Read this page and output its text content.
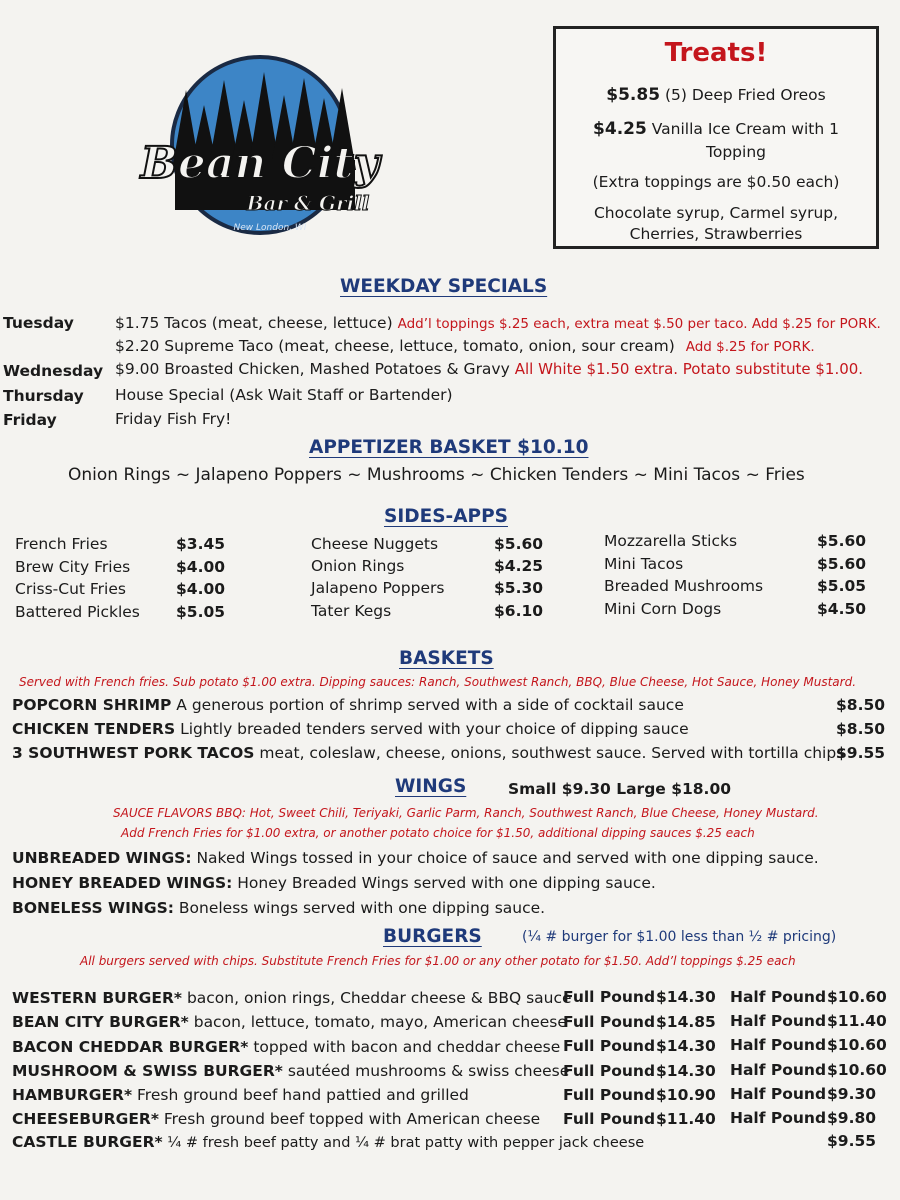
Bean City
Bar & Grill
New London, WI
Treats!
$5.85 (5) Deep Fried Oreos
$4.25 Vanilla Ice Cream with 1
Topping
(Extra toppings are $0.50 each)
Chocolate syrup, Carmel syrup,
Cherries, Strawberries
WEEKDAY SPECIALS
Tuesday	$1.75 Tacos (meat, cheese, lettuce) Add’l toppings $.25 each, extra meat $.50 per taco. Add $.25 for PORK.
$2.20 Supreme Taco (meat, cheese, lettuce, tomato, onion, sour cream) Add $.25 for PORK.
Wednesday $9.00 Broasted Chicken, Mashed Potatoes & Gravy All White $1.50 extra. Potato substitute $1.00.
Thursday House Special (Ask Wait Staff or Bartender)
Friday	Friday Fish Fry!
APPETIZER BASKET $10.10
Onion Rings ~ Jalapeno Poppers ~ Mushrooms ~ Chicken Tenders ~ Mini Tacos ~ Fries
SIDES-APPS
French Fries	$3.45
Brew City Fries	$4.00
Criss-Cut Fries	$4.00
Battered Pickles $5.05
Cheese Nuggets	$5.60
Onion Rings	$4.25
Jalapeno Poppers	$5.30
Tater Kegs	$6.10
Mozzarella Sticks	$5.60
Mini Tacos	$5.60
Breaded Mushrooms	$5.05
Mini Corn Dogs	$4.50
BASKETS
Served with French fries. Sub potato $1.00 extra. Dipping sauces: Ranch, Southwest Ranch, BBQ, Blue Cheese, Hot Sauce, Honey Mustard.
POPCORN SHRIMP A generous portion of shrimp served with a side of cocktail sauce	$8.50
CHICKEN TENDERS Lightly breaded tenders served with your choice of dipping sauce	$8.50
3 SOUTHWEST PORK TACOS meat, coleslaw, cheese, onions, southwest sauce. Served with tortilla chips
$9.55
WINGS	Small $9.30 Large $18.00
SAUCE FLAVORS BBQ: Hot, Sweet Chili, Teriyaki, Garlic Parm, Ranch, Southwest Ranch, Blue Cheese, Honey Mustard.
Add French Fries for $1.00 extra, or another potato choice for $1.50, additional dipping sauces $.25 each
UNBREADED WINGS: Naked Wings tossed in your choice of sauce and served with one dipping sauce.
HONEY BREADED WINGS: Honey Breaded Wings served with one dipping sauce.
BONELESS WINGS: Boneless wings served with one dipping sauce.
BURGERS	(¼ # burger for $1.00 less than ½ # pricing)
All burgers served with chips. Substitute French Fries for $1.00 or any other potato for $1.50. Add’l toppings $.25 each
WESTERN BURGER* bacon, onion rings, Cheddar cheese & BBQ sauce
Full Pound $14.30 Half Pound $10.60
BEAN CITY BURGER* bacon, lettuce, tomato, mayo, American cheese
Full Pound $14.85 Half Pound $11.40
BACON CHEDDAR BURGER* topped with bacon and cheddar cheese Full Pound $14.30 Half Pound $10.60
MUSHROOM & SWISS BURGER* sautéed mushrooms & swiss cheese
Full Pound $14.30 Half Pound $10.60
HAMBURGER* Fresh ground beef hand pattied and grilled	Full Pound $10.90 Half Pound $9.30
CHEESEBURGER* Fresh ground beef topped with American cheese Full Pound $11.40 Half Pound $9.80
CASTLE BURGER* ¼ # fresh beef patty and ¼ # brat patty with pepper jack cheese	$9.55
